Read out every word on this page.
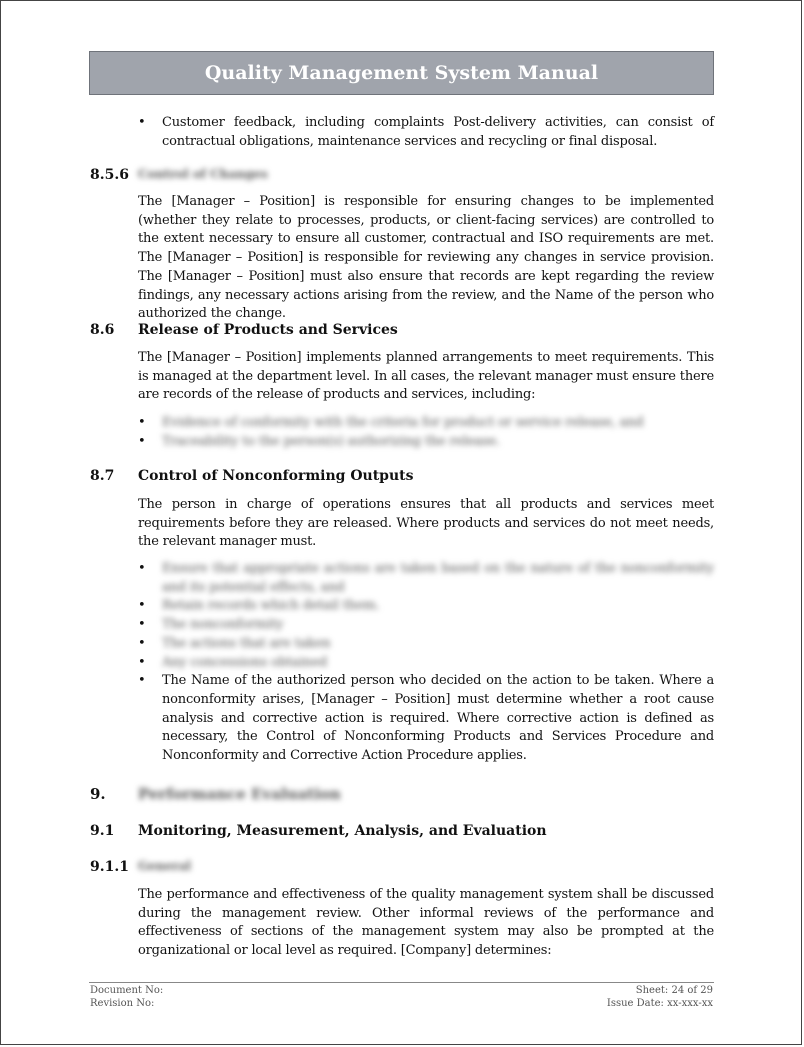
Quality Management System Manual
• Customer feedback, including complaints Post-delivery activities, can consist of contractual obligations, maintenance services and recycling or final disposal.
8.5.6 Control of Changes
The [Manager – Position] is responsible for ensuring changes to be implemented (whether they relate to processes, products, or client-facing services) are controlled to the extent necessary to ensure all customer, contractual and ISO requirements are met. The [Manager – Position] is responsible for reviewing any changes in service provision. The [Manager – Position] must also ensure that records are kept regarding the review findings, any necessary actions arising from the review, and the Name of the person who authorized the change.
8.6 Release of Products and Services
The [Manager – Position] implements planned arrangements to meet requirements. This is managed at the department level. In all cases, the relevant manager must ensure there are records of the release of products and services, including:
• Evidence of conformity with the criteria for product or service release, and
• Traceability to the person(s) authorizing the release.
8.7 Control of Nonconforming Outputs
The person in charge of operations ensures that all products and services meet requirements before they are released. Where products and services do not meet needs, the relevant manager must.
• Ensure that appropriate actions are taken based on the nature of the nonconformity and its potential effects, and
• Retain records which detail them.
• The nonconformity
• The actions that are taken
• Any concessions obtained
• The Name of the authorized person who decided on the action to be taken. Where a nonconformity arises, [Manager – Position] must determine whether a root cause analysis and corrective action is required. Where corrective action is defined as necessary, the Control of Nonconforming Products and Services Procedure and Nonconformity and Corrective Action Procedure applies.
9. Performance Evaluation
9.1 Monitoring, Measurement, Analysis, and Evaluation
9.1.1 General
The performance and effectiveness of the quality management system shall be discussed during the management review. Other informal reviews of the performance and effectiveness of sections of the management system may also be prompted at the organizational or local level as required. [Company] determines:
Document No:
Revision No:
Sheet: 24 of 29
Issue Date: xx-xxx-xx
